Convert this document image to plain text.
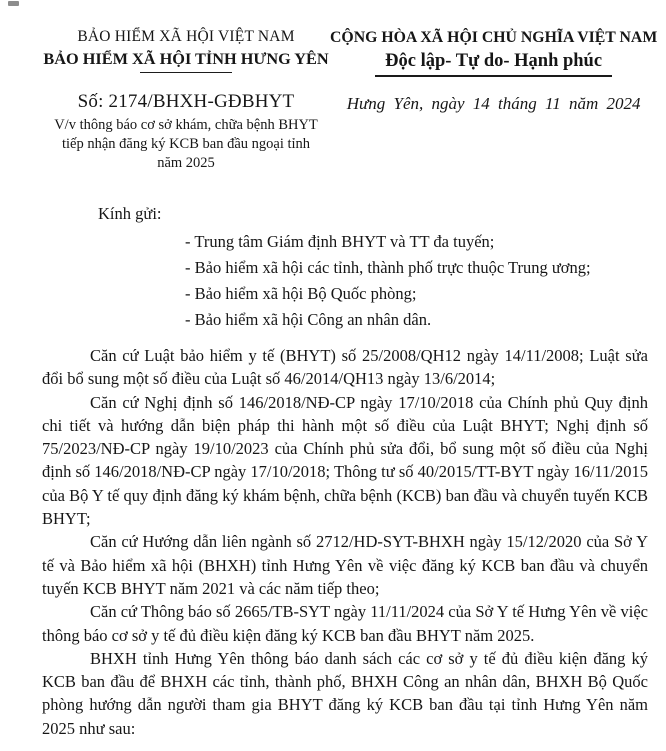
BẢO HIỂM XÃ HỘI VIỆT NAM
BẢO HIỂM XÃ HỘI TỈNH HƯNG YÊN
Số: 2174/BHXH-GĐBHYT
V/v thông báo cơ sở khám, chữa bệnh BHYT tiếp nhận đăng ký KCB ban đầu ngoại tỉnh năm 2025
CỘNG HÒA XÃ HỘI CHỦ NGHĨA VIỆT NAM
Độc lập- Tự do- Hạnh phúc
Hưng Yên, ngày 14 tháng 11 năm 2024
Kính gửi:
- Trung tâm Giám định BHYT và TT đa tuyến;
- Bảo hiểm xã hội các tỉnh, thành phố trực thuộc Trung ương;
- Bảo hiểm xã hội Bộ Quốc phòng;
- Bảo hiểm xã hội Công an nhân dân.

Căn cứ Luật bảo hiểm y tế (BHYT) số 25/2008/QH12 ngày 14/11/2008; Luật sửa đổi bổ sung một số điều của Luật số 46/2014/QH13 ngày 13/6/2014;

Căn cứ Nghị định số 146/2018/NĐ-CP ngày 17/10/2018 của Chính phủ Quy định chi tiết và hướng dẫn biện pháp thi hành một số điều của Luật BHYT; Nghị định số 75/2023/NĐ-CP ngày 19/10/2023 của Chính phủ sửa đổi, bổ sung một số điều của Nghị định số 146/2018/NĐ-CP ngày 17/10/2018; Thông tư số 40/2015/TT-BYT ngày 16/11/2015 của Bộ Y tế quy định đăng ký khám bệnh, chữa bệnh (KCB) ban đầu và chuyển tuyến KCB BHYT;

Căn cứ Hướng dẫn liên ngành số 2712/HD-SYT-BHXH ngày 15/12/2020 của Sở Y tế và Bảo hiểm xã hội (BHXH) tỉnh Hưng Yên về việc đăng ký KCB ban đầu và chuyển tuyến KCB BHYT năm 2021 và các năm tiếp theo;

Căn cứ Thông báo số 2665/TB-SYT ngày 11/11/2024 của Sở Y tế Hưng Yên về việc thông báo cơ sở y tế đủ điều kiện đăng ký KCB ban đầu BHYT năm 2025.

BHXH tỉnh Hưng Yên thông báo danh sách các cơ sở y tế đủ điều kiện đăng ký KCB ban đầu để BHXH các tỉnh, thành phố, BHXH Công an nhân dân, BHXH Bộ Quốc phòng hướng dẫn người tham gia BHYT đăng ký KCB ban đầu tại tỉnh Hưng Yên năm 2025 như sau:
